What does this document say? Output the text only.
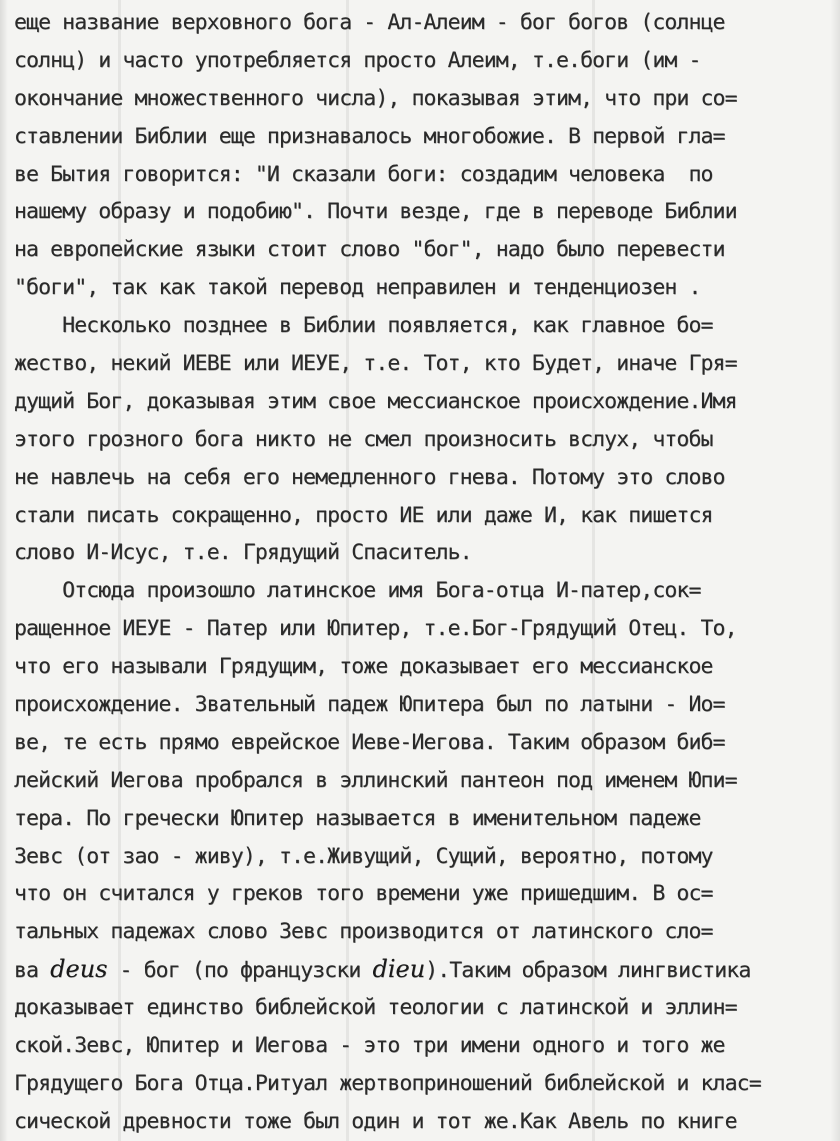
еще название верховного бога - Ал-Алеим - бог богов (солнце
солнц) и часто употребляется просто Алеим, т.е.боги (им -
окончание множественного числа), показывая этим, что при со=
ставлении Библии еще признавалось многобожие. В первой гла=
ве Бытия говорится: "И сказали боги: создадим человека  по
нашему образу и подобию". Почти везде, где в переводе Библии
на европейские языки стоит слово "бог", надо было перевести
"боги", так как такой перевод неправилен и тенденциозен .
Несколько позднее в Библии появляется, как главное бо=
жество, некий ИЕВЕ или ИЕУЕ, т.е. Тот, кто Будет, иначе Гря=
дущий Бог, доказывая этим свое мессианское происхождение.Имя
этого грозного бога никто не смел произносить вслух, чтобы
не навлечь на себя его немедленного гнева. Потому это слово
стали писать сокращенно, просто ИЕ или даже И, как пишется
слово И-Исус, т.е. Грядущий Спаситель.
Отсюда произошло латинское имя Бога-отца И-патер,сок=
ращенное ИЕУЕ - Патер или Юпитер, т.е.Бог-Грядущий Отец. То,
что его называли Грядущим, тоже доказывает его мессианское
происхождение. Звательный падеж Юпитера был по латыни - Ио=
ве, те есть прямо еврейское Иеве-Иегова. Таким образом биб=
лейский Иегова пробрался в эллинский пантеон под именем Юпи=
тера. По гречески Юпитер называется в именительном падеже
Зевс (от зао - живу), т.е.Живущий, Сущий, вероятно, потому
что он считался у греков того времени уже пришедшим. В ос=
тальных падежах слово Зевс производится от латинского сло=
ва deus - бог (по французски dieu).Таким образом лингвистика
доказывает единство библейской теологии с латинской и эллин=
ской.Зевс, Юпитер и Иегова - это три имени одного и того же
Грядущего Бога Отца.Ритуал жертвоприношений библейской и клас=
сической древности тоже был один и тот же.Как Авель по книге
